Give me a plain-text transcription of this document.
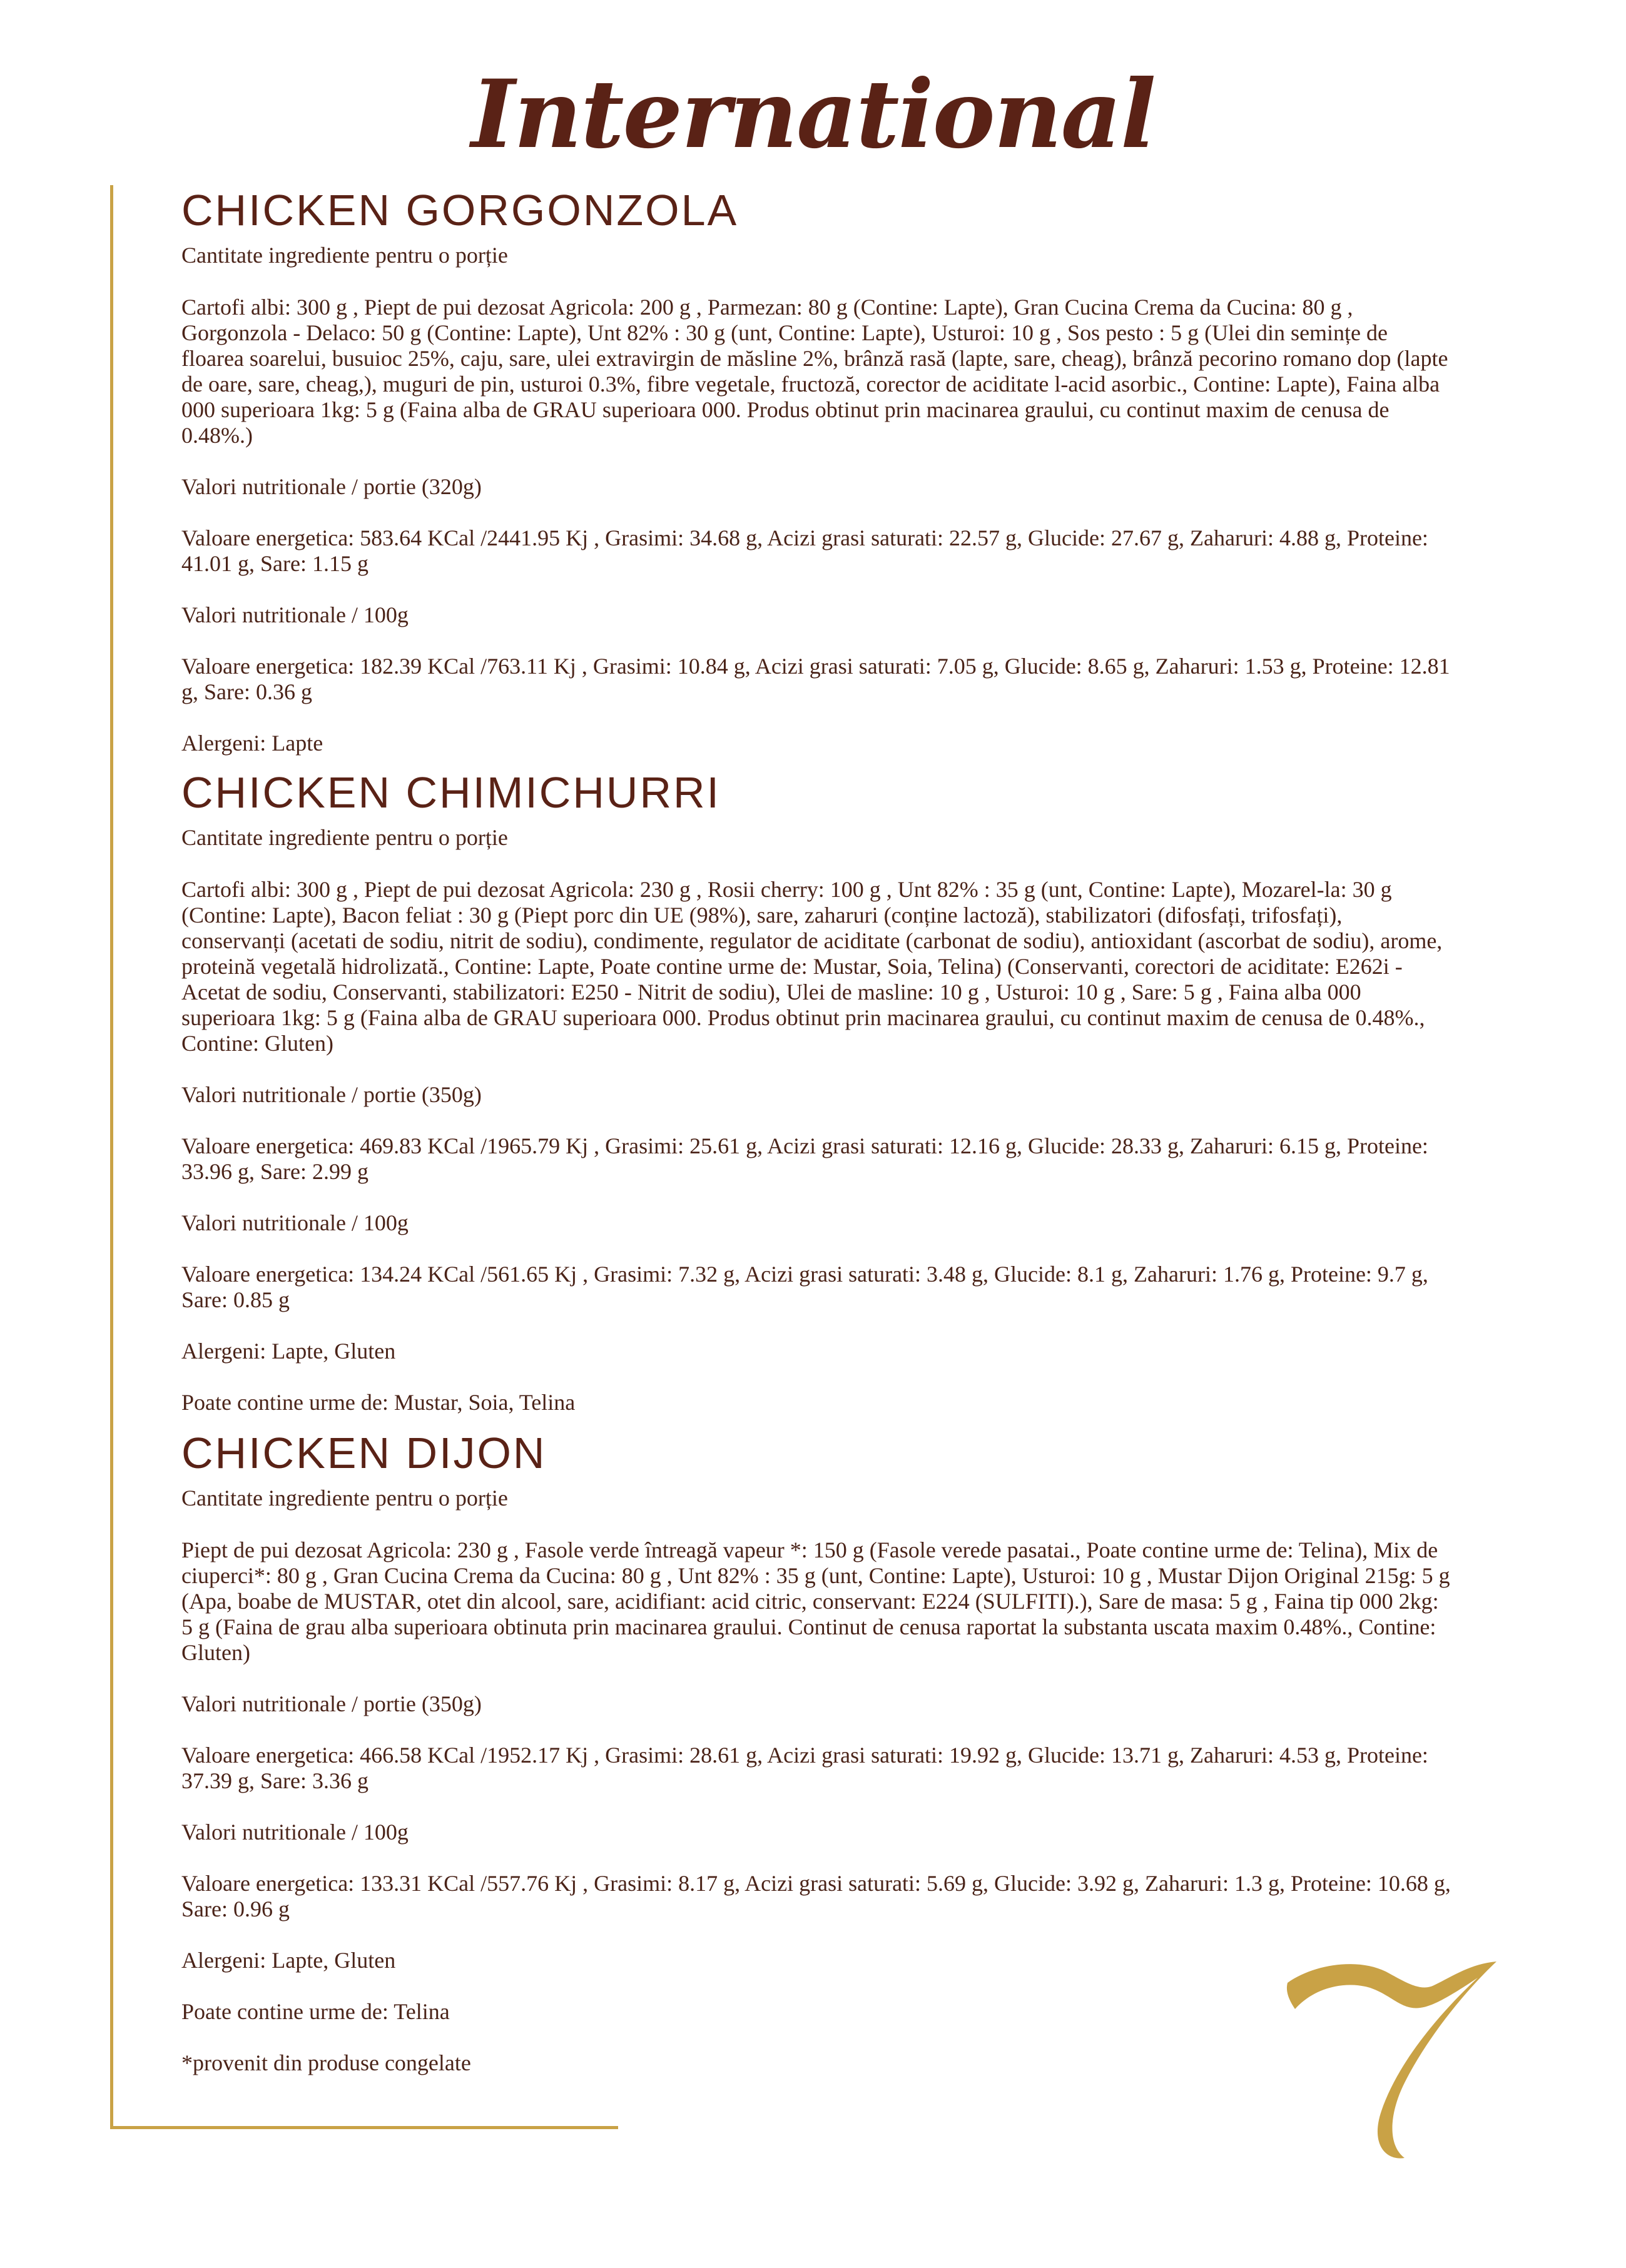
International
CHICKEN GORGONZOLA

Cantitate ingrediente pentru o porție

Cartofi albi: 300 g , Piept de pui dezosat Agricola: 200 g , Parmezan: 80 g (Contine: Lapte), Gran Cucina Crema da Cucina: 80 g , Gorgonzola - Delaco: 50 g (Contine: Lapte), Unt 82% : 30 g (unt, Contine: Lapte), Usturoi: 10 g , Sos pesto : 5 g (Ulei din semințe de floarea soarelui, busuioc 25%, caju, sare, ulei extravirgin de măsline 2%, brânză rasă (lapte, sare, cheag), brânză pecorino romano dop (lapte de oare, sare, cheag,), muguri de pin, usturoi 0.3%, fibre vegetale, fructoză, corector de aciditate l-acid asorbic., Contine: Lapte), Faina alba 000 superioara 1kg: 5 g (Faina alba de GRAU superioara 000. Produs obtinut prin macinarea graului, cu continut maxim de cenusa de 0.48%.)

Valori nutritionale / portie (320g)

Valoare energetica: 583.64 KCal /2441.95 Kj , Grasimi: 34.68 g, Acizi grasi saturati: 22.57 g, Glucide: 27.67 g, Zaharuri: 4.88 g, Proteine: 41.01 g, Sare: 1.15 g

Valori nutritionale / 100g

Valoare energetica: 182.39 KCal /763.11 Kj , Grasimi: 10.84 g, Acizi grasi saturati: 7.05 g, Glucide: 8.65 g, Zaharuri: 1.53 g, Proteine: 12.81 g, Sare: 0.36 g

Alergeni: Lapte

CHICKEN CHIMICHURRI

Cantitate ingrediente pentru o porție

Cartofi albi: 300 g , Piept de pui dezosat Agricola: 230 g , Rosii cherry: 100 g , Unt 82% : 35 g (unt, Contine: Lapte), Mozarel-la: 30 g (Contine: Lapte), Bacon feliat : 30 g (Piept porc din UE (98%), sare, zaharuri (conține lactoză), stabilizatori (difosfați, trifosfați), conservanți (acetati de sodiu, nitrit de sodiu), condimente, regulator de aciditate (carbonat de sodiu), antioxidant (ascorbat de sodiu), arome, proteină vegetală hidrolizată., Contine: Lapte, Poate contine urme de: Mustar, Soia, Telina) (Conservanti, corectori de aciditate: E262i - Acetat de sodiu, Conservanti, stabilizatori: E250 - Nitrit de sodiu), Ulei de masline: 10 g , Usturoi: 10 g , Sare: 5 g , Faina alba 000 superioara 1kg: 5 g (Faina alba de GRAU superioara 000. Produs obtinut prin macinarea graului, cu continut maxim de cenusa de 0.48%., Contine: Gluten)

Valori nutritionale / portie (350g)

Valoare energetica: 469.83 KCal /1965.79 Kj , Grasimi: 25.61 g, Acizi grasi saturati: 12.16 g, Glucide: 28.33 g, Zaharuri: 6.15 g, Proteine: 33.96 g, Sare: 2.99 g

Valori nutritionale / 100g

Valoare energetica: 134.24 KCal /561.65 Kj , Grasimi: 7.32 g, Acizi grasi saturati: 3.48 g, Glucide: 8.1 g, Zaharuri: 1.76 g, Proteine: 9.7 g, Sare: 0.85 g

Alergeni: Lapte, Gluten

Poate contine urme de: Mustar, Soia, Telina

CHICKEN DIJON

Cantitate ingrediente pentru o porție

Piept de pui dezosat Agricola: 230 g , Fasole verde întreagă vapeur *: 150 g (Fasole verede pasatai., Poate contine urme de: Telina), Mix de ciuperci*: 80 g , Gran Cucina Crema da Cucina: 80 g , Unt 82% : 35 g (unt, Contine: Lapte), Usturoi: 10 g , Mustar Dijon Original 215g: 5 g (Apa, boabe de MUSTAR, otet din alcool, sare, acidifiant: acid citric, conservant: E224 (SULFITI).), Sare de masa: 5 g , Faina tip 000 2kg: 5 g (Faina de grau alba superioara obtinuta prin macinarea graului. Continut de cenusa raportat la substanta uscata maxim 0.48%., Contine: Gluten)

Valori nutritionale / portie (350g)

Valoare energetica: 466.58 KCal /1952.17 Kj , Grasimi: 28.61 g, Acizi grasi saturati: 19.92 g, Glucide: 13.71 g, Zaharuri: 4.53 g, Proteine: 37.39 g, Sare: 3.36 g

Valori nutritionale / 100g

Valoare energetica: 133.31 KCal /557.76 Kj , Grasimi: 8.17 g, Acizi grasi saturati: 5.69 g, Glucide: 3.92 g, Zaharuri: 1.3 g, Proteine: 10.68 g, Sare: 0.96 g

Alergeni: Lapte, Gluten

Poate contine urme de: Telina

*provenit din produse congelate
